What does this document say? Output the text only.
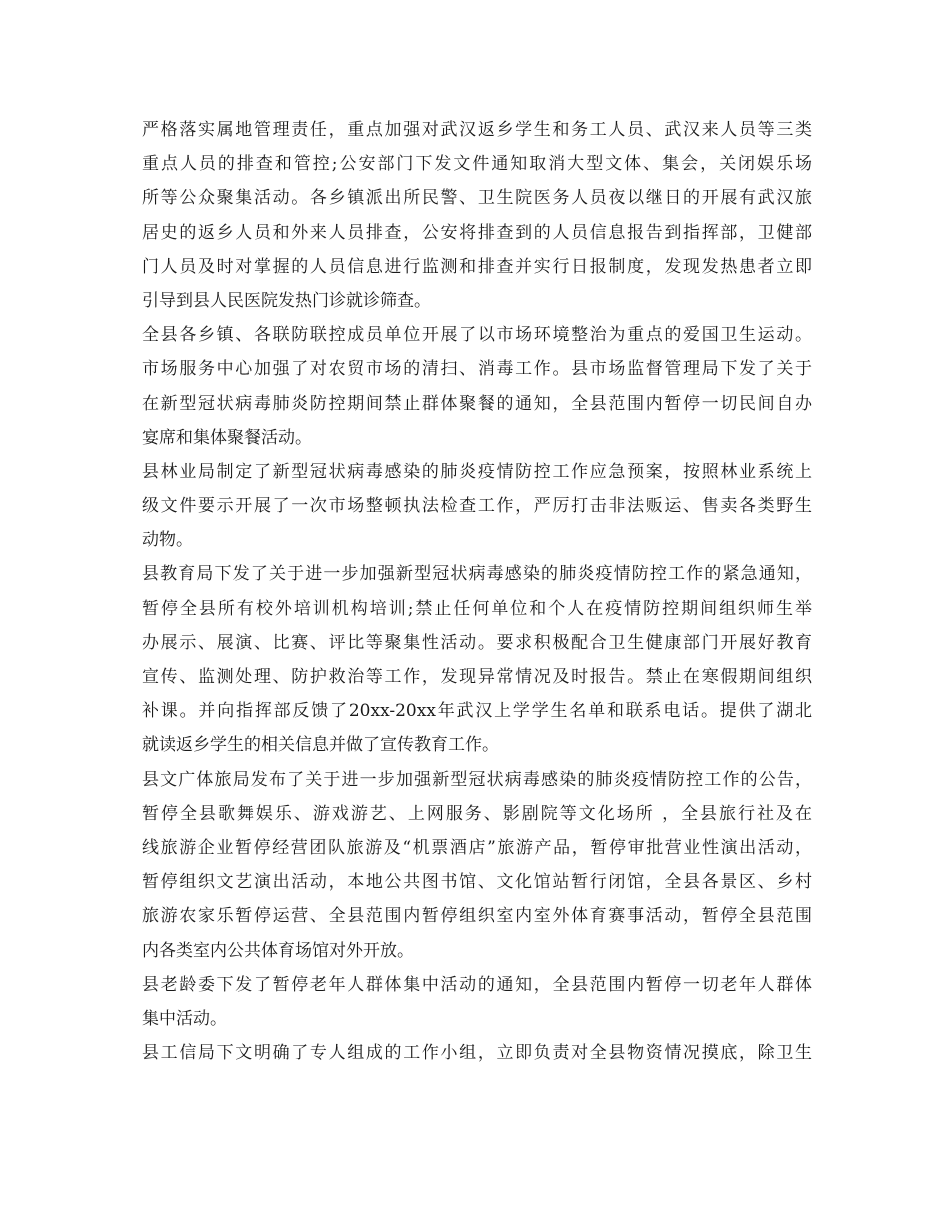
严格落实属地管理责任，重点加强对武汉返乡学生和务工人员、武汉来人员等三类
重点人员的排查和管控;公安部门下发文件通知取消大型文体、集会，关闭娱乐场
所等公众聚集活动。各乡镇派出所民警、卫生院医务人员夜以继日的开展有武汉旅
居史的返乡人员和外来人员排查，公安将排查到的人员信息报告到指挥部，卫健部
门人员及时对掌握的人员信息进行监测和排查并实行日报制度，发现发热患者立即
引导到县人民医院发热门诊就诊筛查。
全县各乡镇、各联防联控成员单位开展了以市场环境整治为重点的爱国卫生运动。
市场服务中心加强了对农贸市场的清扫、消毒工作。县市场监督管理局下发了关于
在新型冠状病毒肺炎防控期间禁止群体聚餐的通知，全县范围内暂停一切民间自办
宴席和集体聚餐活动。
县林业局制定了新型冠状病毒感染的肺炎疫情防控工作应急预案，按照林业系统上
级文件要示开展了一次市场整顿执法检查工作，严厉打击非法贩运、售卖各类野生
动物。
县教育局下发了关于进一步加强新型冠状病毒感染的肺炎疫情防控工作的紧急通知，
暂停全县所有校外培训机构培训;禁止任何单位和个人在疫情防控期间组织师生举
办展示、展演、比赛、评比等聚集性活动。要求积极配合卫生健康部门开展好教育
宣传、监测处理、防护救治等工作，发现异常情况及时报告。禁止在寒假期间组织
补课。并向指挥部反馈了20xx-20xx年武汉上学学生名单和联系电话。提供了湖北
就读返乡学生的相关信息并做了宣传教育工作。
县文广体旅局发布了关于进一步加强新型冠状病毒感染的肺炎疫情防控工作的公告，
暂停全县歌舞娱乐、游戏游艺、上网服务、影剧院等文化场所 ，全县旅行社及在
线旅游企业暂停经营团队旅游及“机票酒店”旅游产品，暂停审批营业性演出活动，
暂停组织文艺演出活动，本地公共图书馆、文化馆站暂行闭馆，全县各景区、乡村
旅游农家乐暂停运营、全县范围内暂停组织室内室外体育赛事活动，暂停全县范围
内各类室内公共体育场馆对外开放。
县老龄委下发了暂停老年人群体集中活动的通知，全县范围内暂停一切老年人群体
集中活动。
县工信局下文明确了专人组成的工作小组，立即负责对全县物资情况摸底，除卫生
